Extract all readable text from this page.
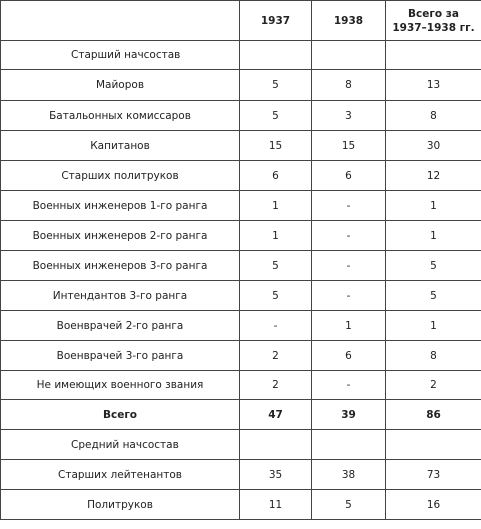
	1937	1938	Всего за 1937–1938 гг.
Старший начсостав			
Майоров	5	8	13
Батальонных комиссаров	5	3	8
Капитанов	15	15	30
Старших политруков	6	6	12
Военных инженеров 1-го ранга	1	-	1
Военных инженеров 2-го ранга	1	-	1
Военных инженеров 3-го ранга	5	-	5
Интендантов 3-го ранга	5	-	5
Военврачей 2-го ранга	-	1	1
Военврачей 3-го ранга	2	6	8
Не имеющих военного звания	2	-	2
Всего	47	39	86
Средний начсостав			
Старших лейтенантов	35	38	73
Политруков	11	5	16
